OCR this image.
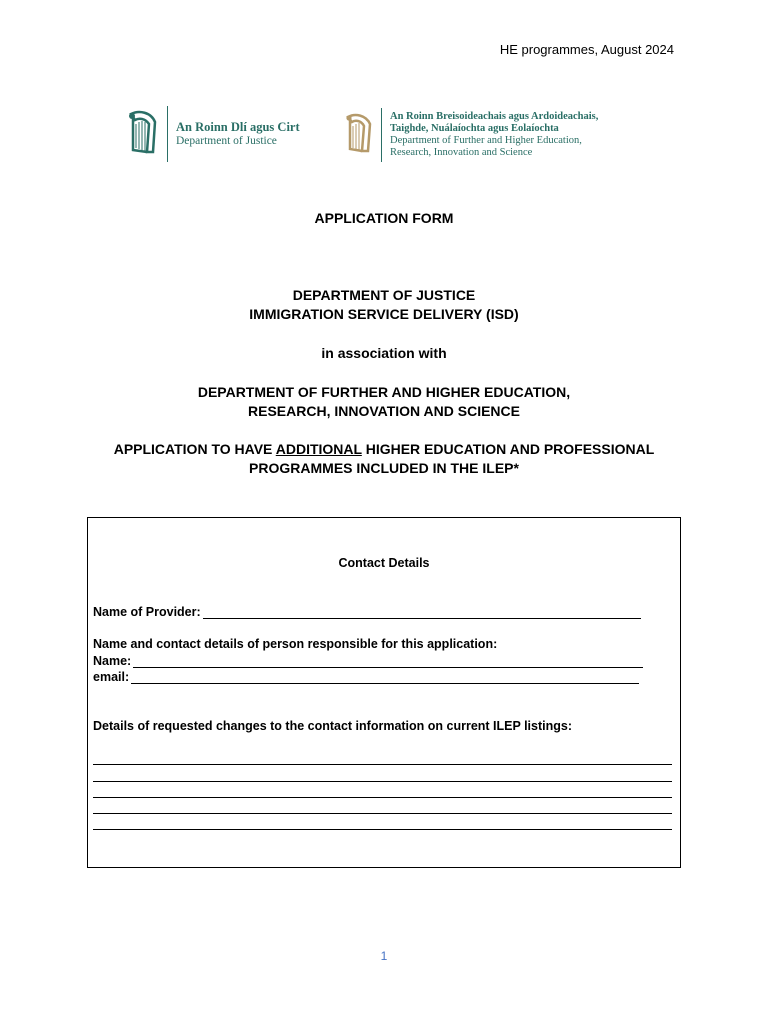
HE programmes, August 2024
An Roinn Dlí agus Cirt
Department of Justice
An Roinn Breisoideachais agus Ardoideachais,
Taighde, Nuálaíochta agus Eolaíochta
Department of Further and Higher Education,
Research, Innovation and Science
APPLICATION FORM
DEPARTMENT OF JUSTICE
IMMIGRATION SERVICE DELIVERY (ISD)
in association with
DEPARTMENT OF FURTHER AND HIGHER EDUCATION,
RESEARCH, INNOVATION AND SCIENCE
APPLICATION TO HAVE ADDITIONAL HIGHER EDUCATION AND PROFESSIONAL
PROGRAMMES INCLUDED IN THE ILEP*
Contact Details
Name of Provider:
Name and contact details of person responsible for this application:
Name:
email:
Details of requested changes to the contact information on current ILEP listings:
1
